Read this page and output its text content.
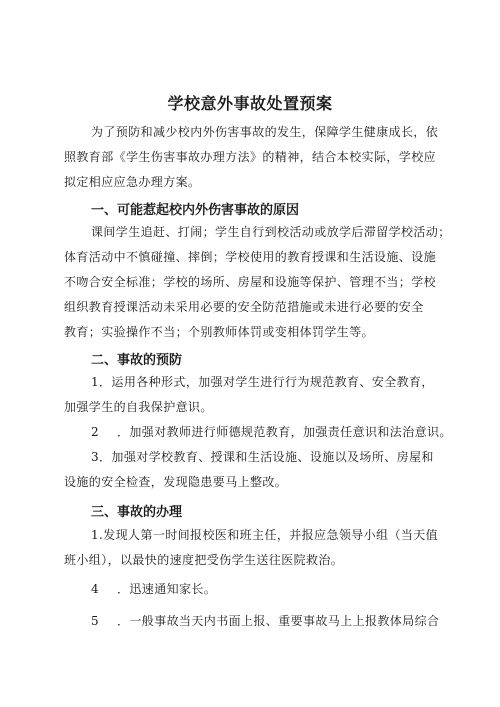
学校意外事故处置预案
为了预防和减少校内外伤害事故的发生，保障学生健康成长，依
照教育部《学生伤害事故办理方法》的精神，结合本校实际，学校应
拟定相应应急办理方案。
一、可能惹起校内外伤害事故的原因
课间学生追赶、打闹；学生自行到校活动或放学后滞留学校活动；
体育活动中不慎碰撞、摔倒；学校使用的教育授课和生活设施、设施
不吻合安全标准；学校的场所、房屋和设施等保护、管理不当；学校
组织教育授课活动未采用必要的安全防范措施或未进行必要的安全
教育；实验操作不当；个别教师体罚或变相体罚学生等。
二、事故的预防
1．运用各种形式，加强对学生进行行为规范教育、安全教育，
加强学生的自我保护意识。
2	．加强对教师进行师德规范教育，加强责任意识和法治意识。
3．加强对学校教育、授课和生活设施、设施以及场所、房屋和
设施的安全检查，发现隐患要马上整改。
三、事故的办理
1.发现人第一时间报校医和班主任，并报应急领导小组（当天值
班小组），以最快的速度把受伤学生送往医院救治。
4	．迅速通知家长。
5	．一般事故当天内书面上报、重要事故马上上报教体局综合
